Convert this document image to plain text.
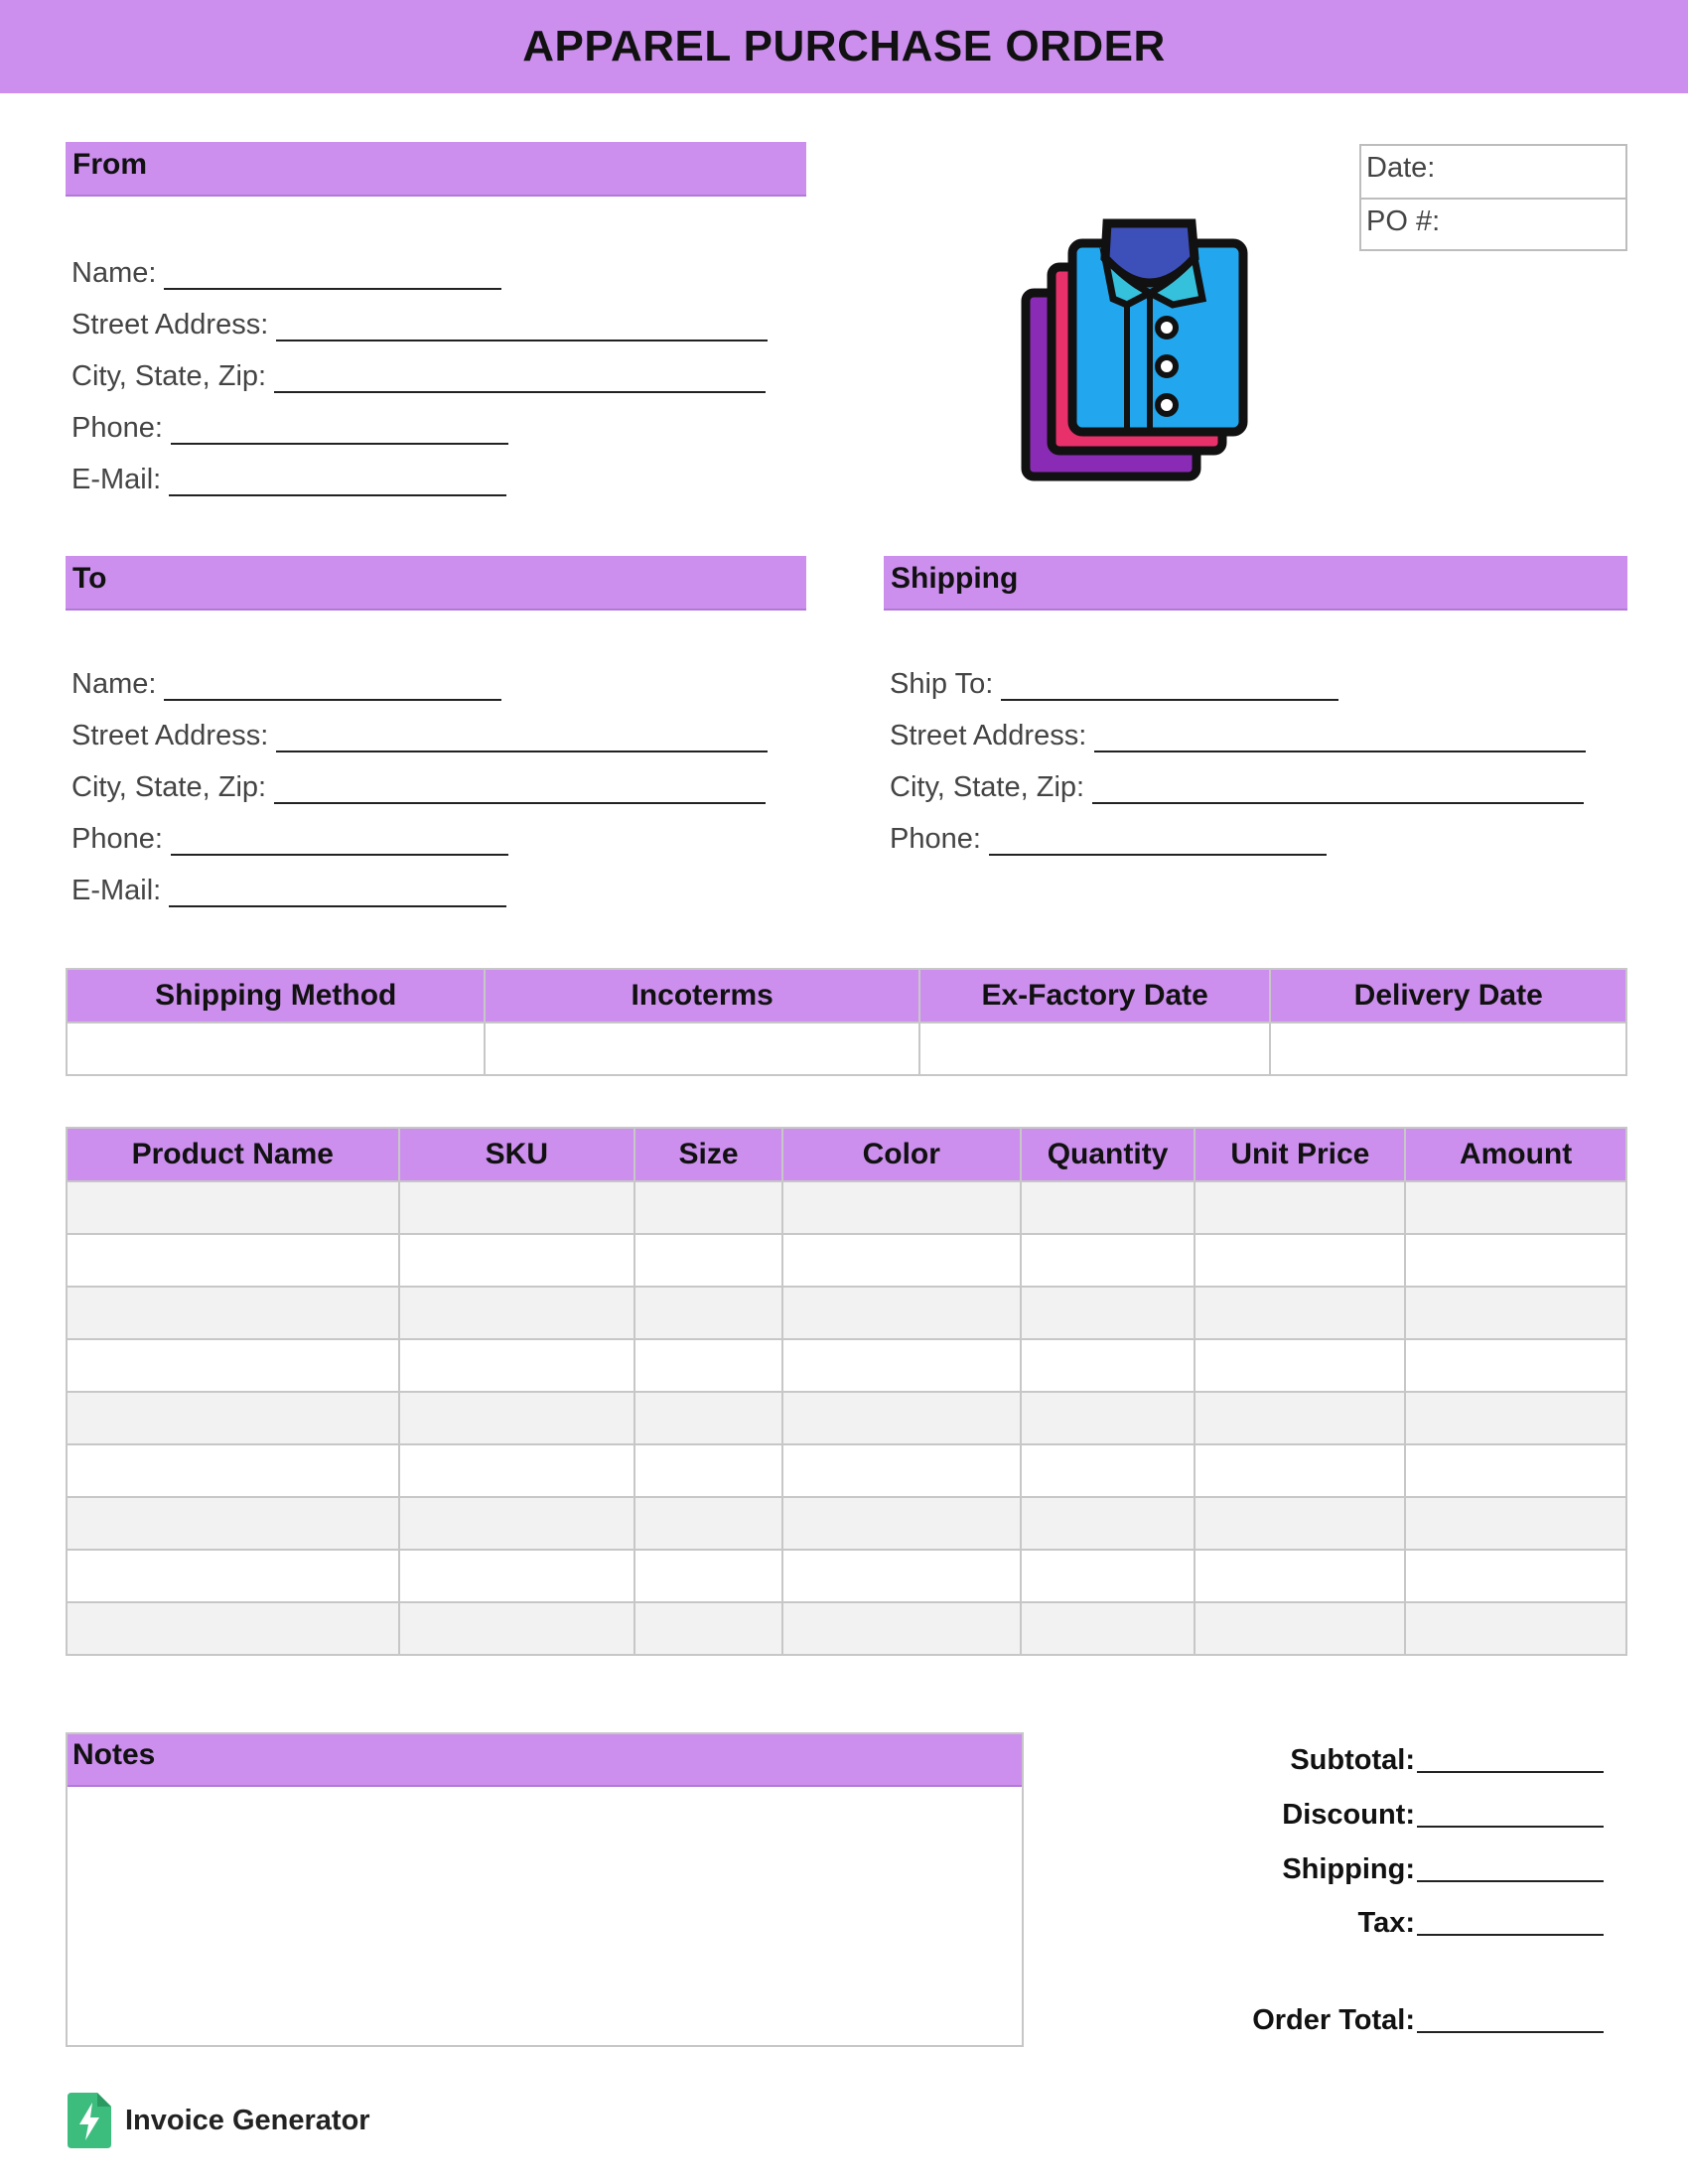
APPAREL PURCHASE ORDER
From
Name:
Street Address:
City, State, Zip:
Phone:
E-Mail:
Date:
PO #:
To
Name:
Street Address:
City, State, Zip:
Phone:
E-Mail:
Shipping
Ship To:
Street Address:
City, State, Zip:
Phone:
Shipping Method	Incoterms	Ex-Factory Date	Delivery Date

Product Name	SKU	Size	Color	Quantity	Unit Price	Amount

Notes	Subtotal:
Discount:
Shipping:
Tax:
Order Total:
Invoice Generator
